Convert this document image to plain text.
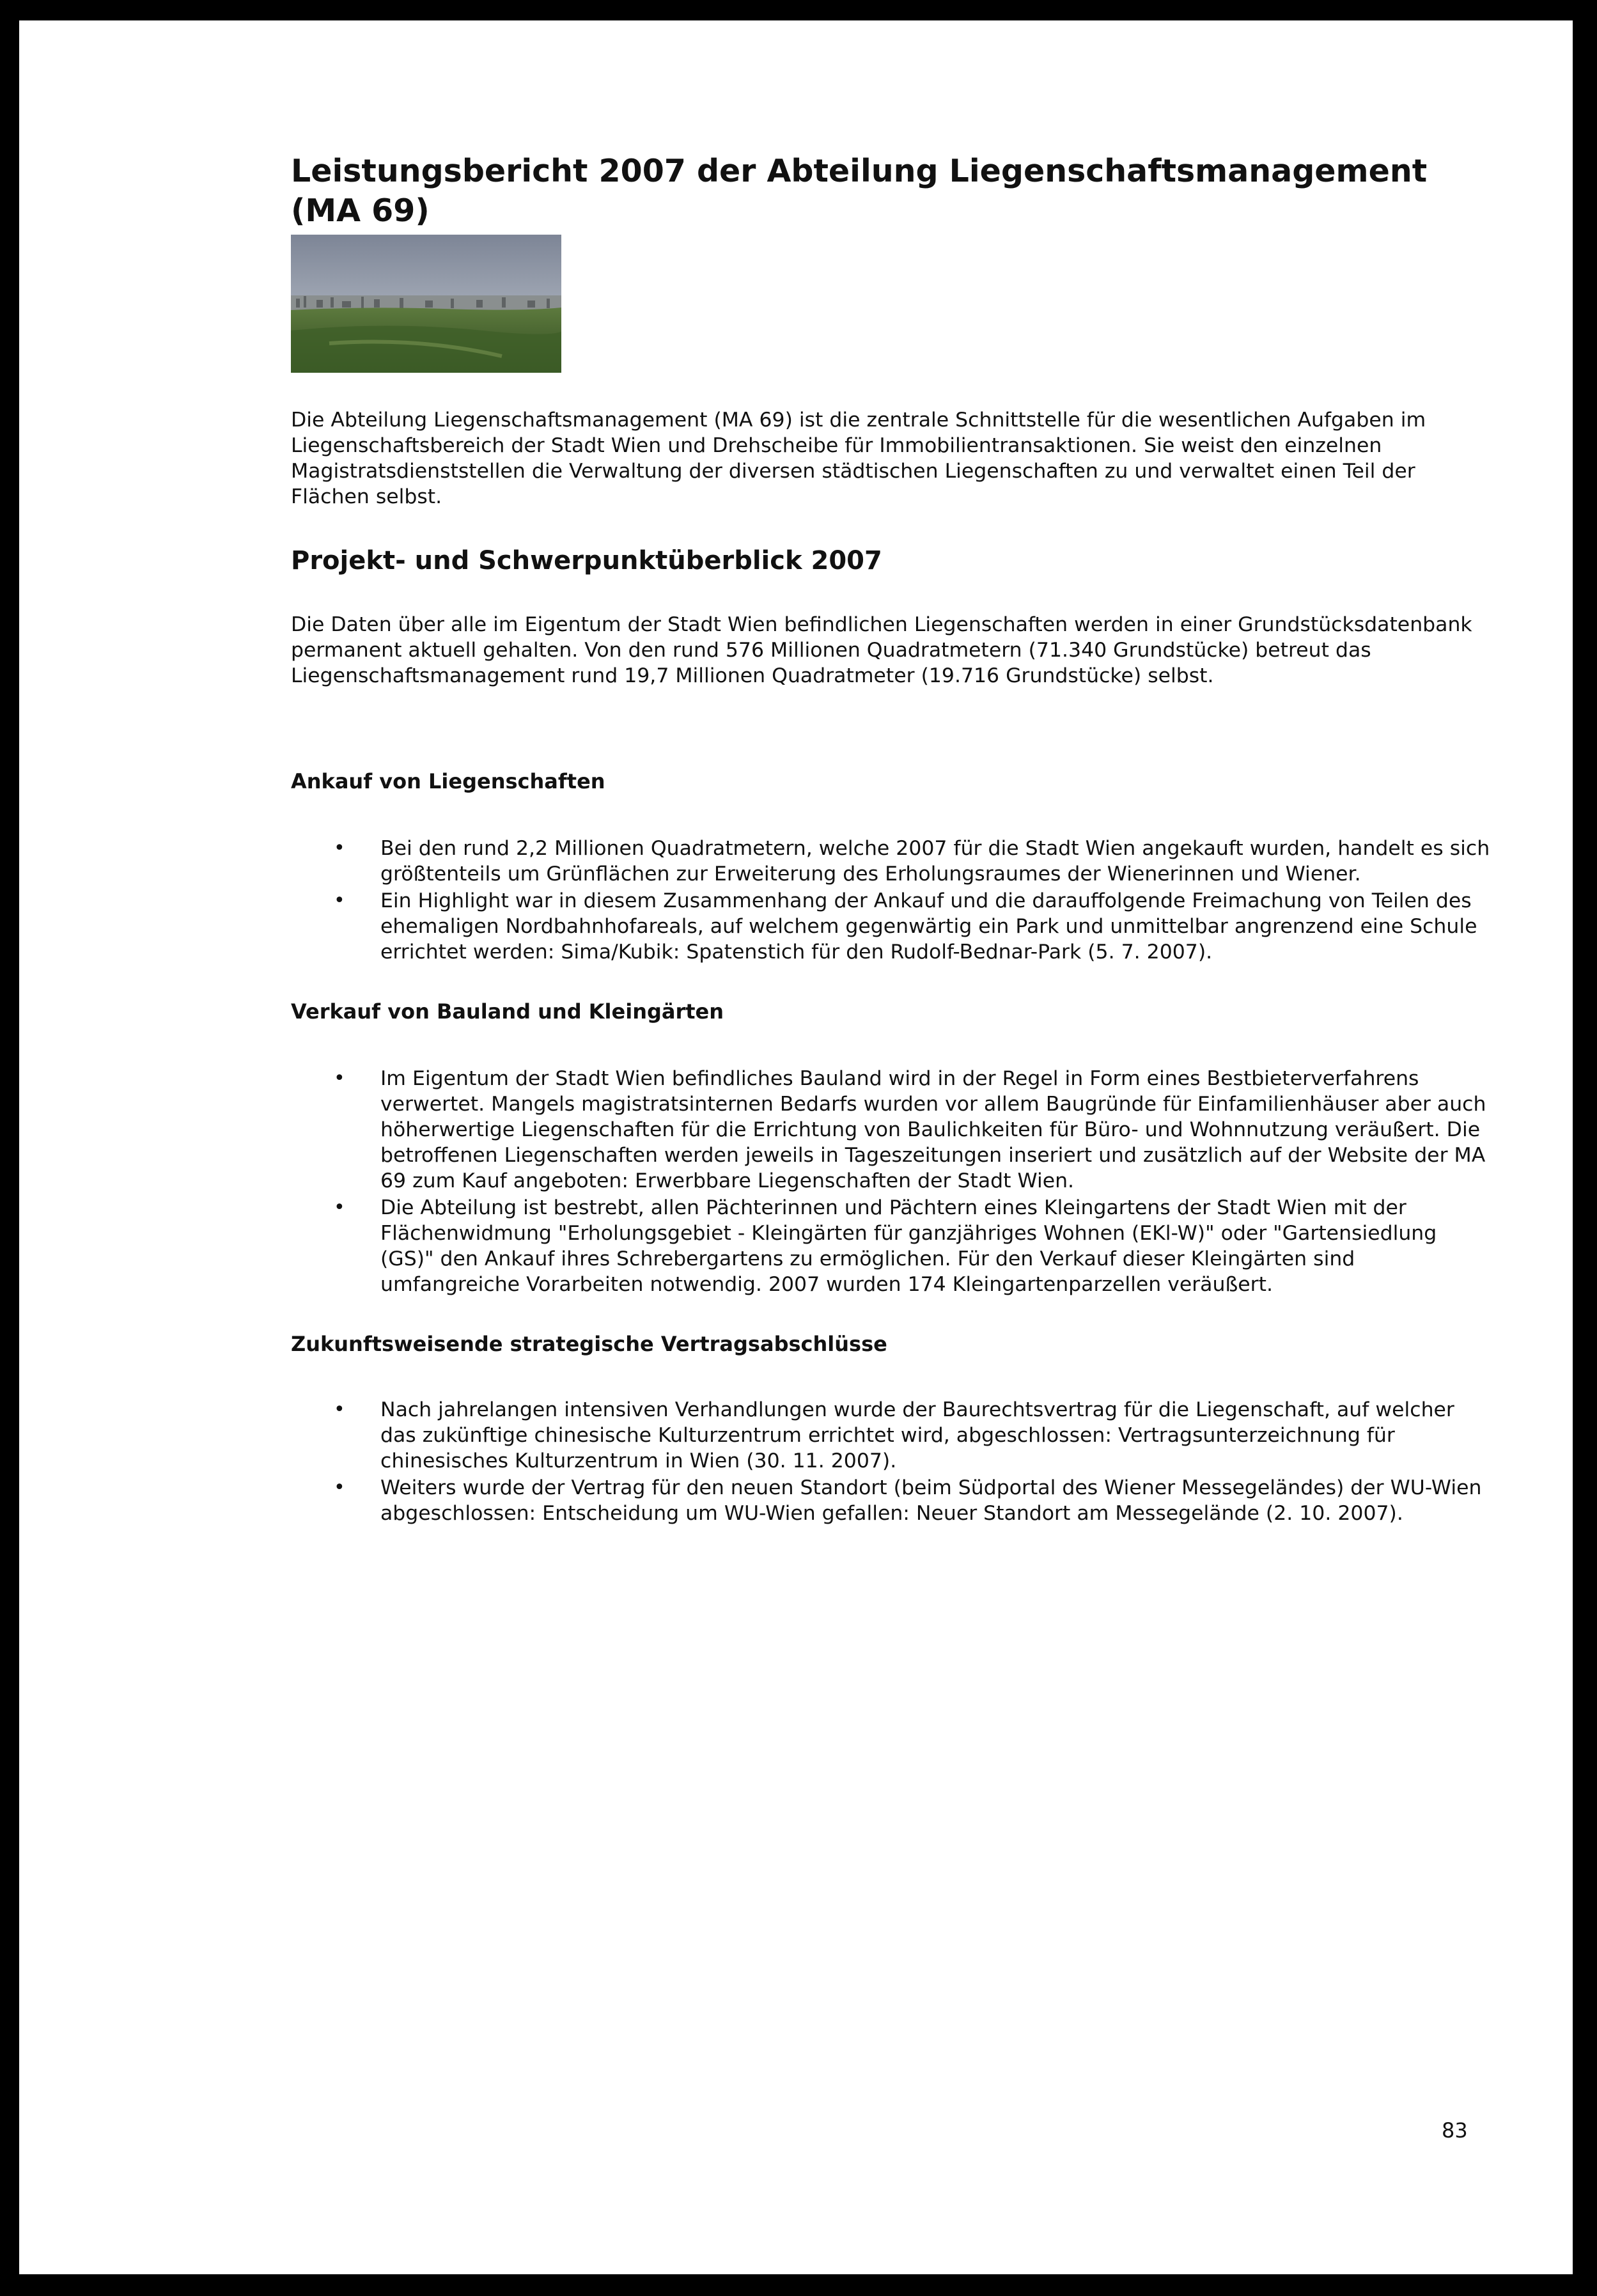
Leistungsbericht 2007 der Abteilung Liegenschaftsmanagement (MA 69)

Die Abteilung Liegenschaftsmanagement (MA 69) ist die zentrale Schnittstelle für die wesentlichen Aufgaben im Liegenschaftsbereich der Stadt Wien und Drehscheibe für Immobilientransaktionen. Sie weist den einzelnen Magistratsdienststellen die Verwaltung der diversen städtischen Liegenschaften zu und verwaltet einen Teil der Flächen selbst.

Projekt- und Schwerpunktüberblick 2007

Die Daten über alle im Eigentum der Stadt Wien befindlichen Liegenschaften werden in einer Grundstücksdatenbank permanent aktuell gehalten. Von den rund 576 Millionen Quadratmetern (71.340 Grundstücke) betreut das Liegenschaftsmanagement rund 19,7 Millionen Quadratmeter (19.716 Grundstücke) selbst.

Ankauf von Liegenschaften
• Bei den rund 2,2 Millionen Quadratmetern, welche 2007 für die Stadt Wien angekauft wurden, handelt es sich größtenteils um Grünflächen zur Erweiterung des Erholungsraumes der Wienerinnen und Wiener.
• Ein Highlight war in diesem Zusammenhang der Ankauf und die darauffolgende Freimachung von Teilen des ehemaligen Nordbahnhofareals, auf welchem gegenwärtig ein Park und unmittelbar angrenzend eine Schule errichtet werden: Sima/Kubik: Spatenstich für den Rudolf-Bednar-Park (5. 7. 2007).
Verkauf von Bauland und Kleingärten
• Im Eigentum der Stadt Wien befindliches Bauland wird in der Regel in Form eines Bestbieterverfahrens verwertet. Mangels magistratsinternen Bedarfs wurden vor allem Baugründe für Einfamilienhäuser aber auch höherwertige Liegenschaften für die Errichtung von Baulichkeiten für Büro- und Wohnnutzung veräußert. Die betroffenen Liegenschaften werden jeweils in Tageszeitungen inseriert und zusätzlich auf der Website der MA 69 zum Kauf angeboten: Erwerbbare Liegenschaften der Stadt Wien.
• Die Abteilung ist bestrebt, allen Pächterinnen und Pächtern eines Kleingartens der Stadt Wien mit der Flächenwidmung "Erholungsgebiet - Kleingärten für ganzjähriges Wohnen (EKl-W)" oder "Gartensiedlung (GS)" den Ankauf ihres Schrebergartens zu ermöglichen. Für den Verkauf dieser Kleingärten sind umfangreiche Vorarbeiten notwendig. 2007 wurden 174 Kleingartenparzellen veräußert.
Zukunftsweisende strategische Vertragsabschlüsse
• Nach jahrelangen intensiven Verhandlungen wurde der Baurechtsvertrag für die Liegenschaft, auf welcher das zukünftige chinesische Kulturzentrum errichtet wird, abgeschlossen: Vertragsunterzeichnung für chinesisches Kulturzentrum in Wien (30. 11. 2007).
• Weiters wurde der Vertrag für den neuen Standort (beim Südportal des Wiener Messegeländes) der WU-Wien abgeschlossen: Entscheidung um WU-Wien gefallen: Neuer Standort am Messegelände (2. 10. 2007).
83
